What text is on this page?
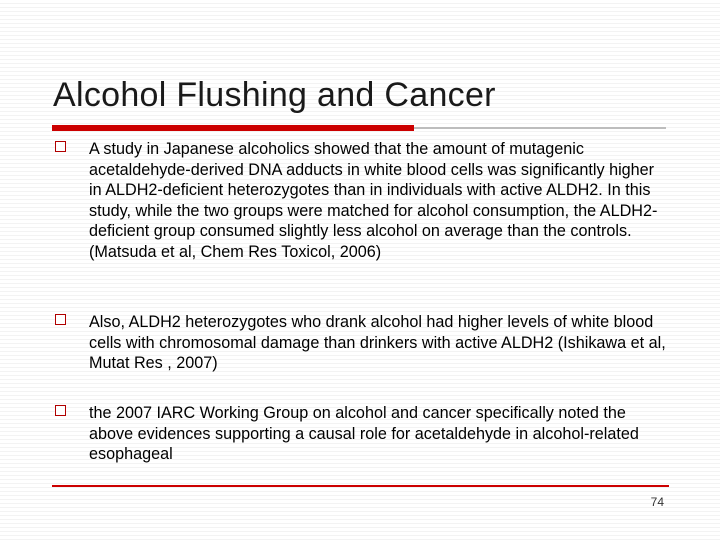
Alcohol Flushing and Cancer
A study in Japanese alcoholics showed that the amount of mutagenic acetaldehyde-derived DNA adducts in white blood cells was significantly higher in ALDH2-deficient heterozygotes than in individuals with active ALDH2. In this study, while the two groups were matched for alcohol consumption, the ALDH2-deficient group consumed slightly less alcohol on average than the controls. (Matsuda et al, Chem Res Toxicol, 2006)
Also, ALDH2 heterozygotes who drank alcohol had higher levels of white blood cells with chromosomal damage than drinkers with active ALDH2 (Ishikawa et al, Mutat Res , 2007)
the 2007 IARC Working Group on alcohol and cancer specifically noted the above evidences supporting a causal role for acetaldehyde in alcohol-related esophageal
74
